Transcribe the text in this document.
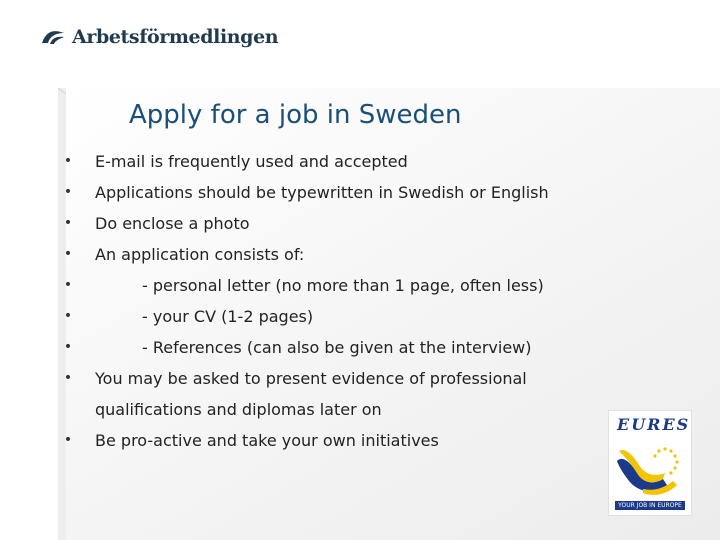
Arbetsförmedlingen
Apply for a job in Sweden
• E-mail is frequently used and accepted
• Applications should be typewritten in Swedish or English
• Do enclose a photo
• An application consists of:
•	- personal letter (no more than 1 page, often less)
•	- your CV (1-2 pages)
•	- References (can also be given at the interview)
• You may be asked to present evidence of professional
qualifications and diplomas later on
• Be pro-active and take your own initiatives
EURES
YOUR JOB IN EUROPE
